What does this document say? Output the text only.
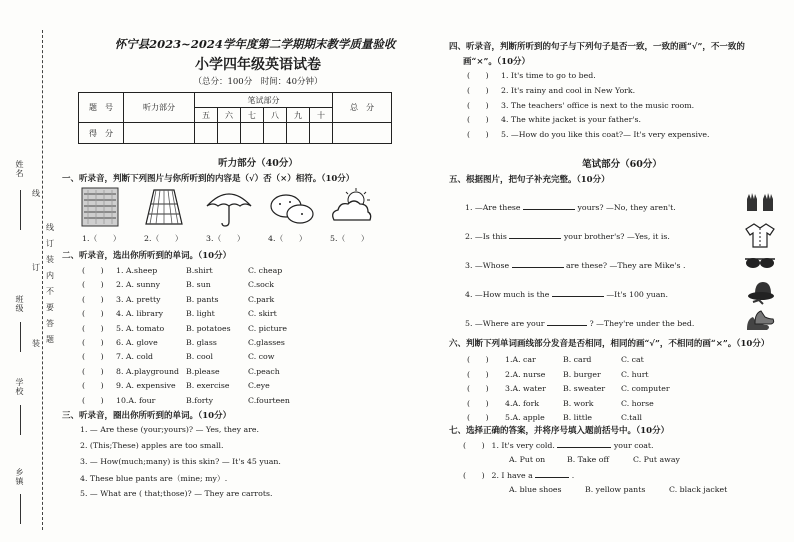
姓名
班级
学校
乡镇
线
订
装
线
订
装
内
不
要
答
题
怀宁县2023~2024学年度第二学期期末教学质量验收
小学四年级英语试卷
（总分：100分　时间：40分钟）
题　号	听力部分	笔试部分						总　分
		五	六	七	八	九	十	
得　分								
听力部分（40分）
一、听录音，判断下列图片与你所听到的内容是（√）否（×）相符。（10分）
1.（　　）	2.（　　）	3.（　　）	4.（　　）	5.（　　）
二、听录音，选出你所听到的单词。（10分）
三、听录音，圈出你所听到的单词。（10分）
1. — Are these (your;yours)? — Yes, they are.
2. (This;These) apples are too small.
3. — How(much;many) is this skin? — It's 45 yuan.
4. These blue pants are（mine; my）.
5. — What are ( that;those)? — They are carrots.
(　　) 1. A.sheep	B.shirt	C. cheap
(　　) 2. A. sunny	B. sun	C.sock
(　　) 3. A. pretty	B. pants	C.park
(　　) 4. A. library	B. light	C. skirt
(　　) 5. A. tomato	B. potatoes C. picture
(　　) 6. A. glove	B. glass	C.glasses
(　　) 7. A. cold	B. cool	C. cow
(　　) 8. A.playground B.please	C.peach
(　　) 9. A. expensive B. exercise C.eye
(　　) 10.A. four	B.forty	C.fourteen
四、听录音，判断所听到的句子与下列句子是否一致，一致的画“√”，不一致的
画“×”。（10分）
笔试部分（60分）
五、根据图片，把句子补充完整。（10分）
1. —Are these	yours? —No, they aren't.
2. —Is this	your brother's? —Yes, it is.
3. —Whose	are these? —They are Mike's .
4. —How much is the	—It's 100 yuan.
5. —Where are your	? —They're under the bed.
六、判断下列单词画线部分发音是否相同，相同的画“√”，不相同的画“×”。（10分）
七、选择正确的答案，并将序号填入题前括号中。（10分）
(　　) 1. It's very cold.	your coat.
A. Put on	B. Take off	C. Put away
(　　) 2. I have a	.
A. blue shoes	B. yellow pants	C. black jacket
(　　) 1. It's time to go to bed.
(　　) 2. It's rainy and cool in New York.
(　　) 3. The teachers' office is next to the music room.
(　　) 4. The white jacket is your father's.
(　　) 5. —How do you like this coat?— It's very expensive.
(　　) 1.A. car	B. card	C. cat
(　　) 2.A. nurse B. burger	C. hurt
(　　) 3.A. water B. sweater C. computer
(　　) 4.A. fork	B. work	C. horse
(　　) 5.A. apple B. little	C.tall
